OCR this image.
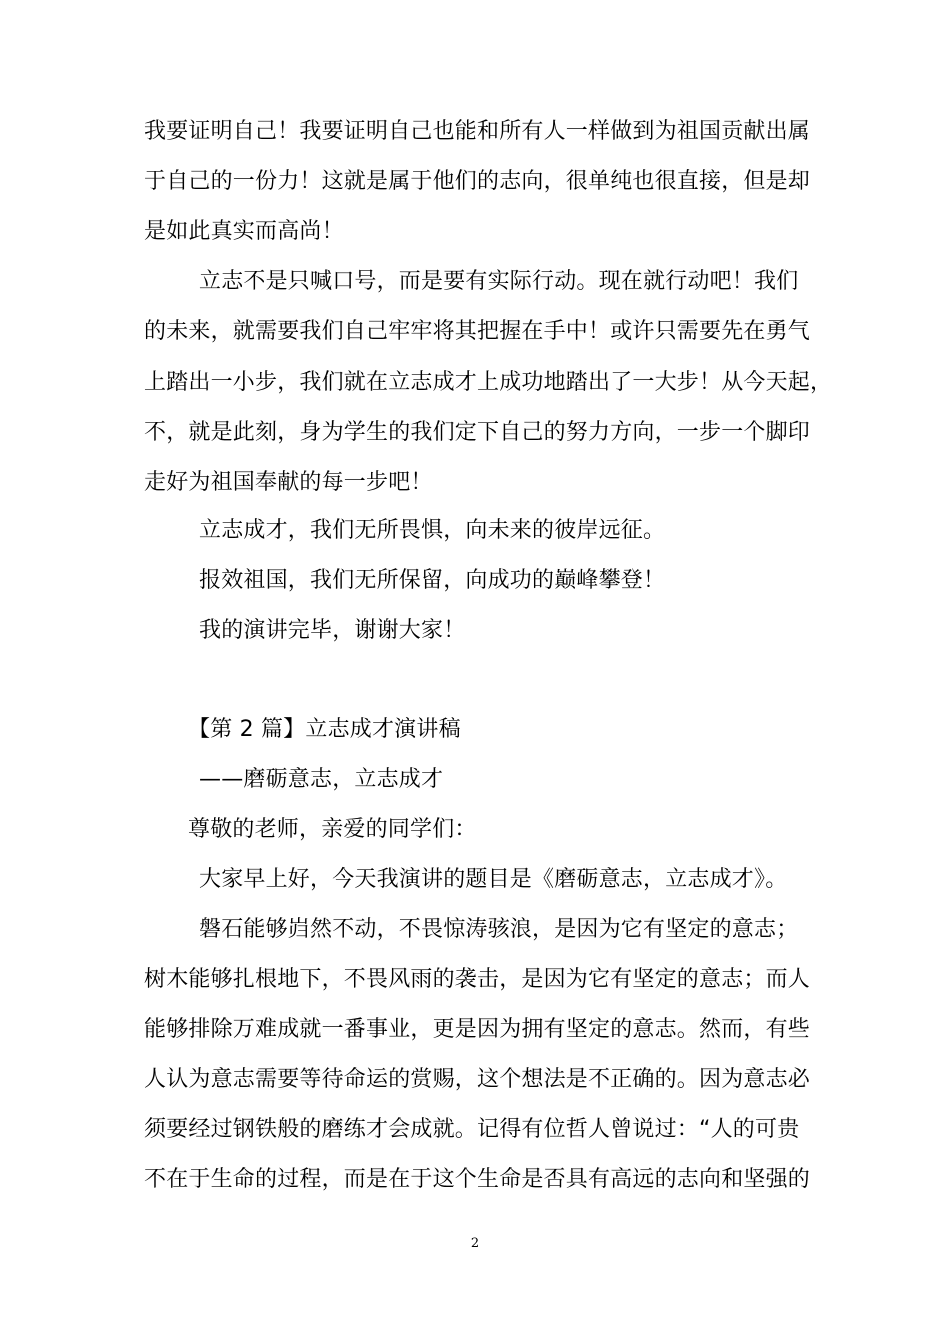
我要证明自己！我要证明自己也能和所有人一样做到为祖国贡献出属
于自己的一份力！这就是属于他们的志向，很单纯也很直接，但是却
是如此真实而高尚！
立志不是只喊口号，而是要有实际行动。现在就行动吧！我们
的未来，就需要我们自己牢牢将其把握在手中！或许只需要先在勇气
上踏出一小步，我们就在立志成才上成功地踏出了一大步！从今天起，
不，就是此刻，身为学生的我们定下自己的努力方向，一步一个脚印
走好为祖国奉献的每一步吧！
立志成才，我们无所畏惧，向未来的彼岸远征。
报效祖国，我们无所保留，向成功的巅峰攀登！
我的演讲完毕，谢谢大家！
【第 2 篇】立志成才演讲稿
——磨砺意志，立志成才
尊敬的老师，亲爱的同学们：
大家早上好，今天我演讲的题目是《磨砺意志，立志成才》。
磐石能够岿然不动，不畏惊涛骇浪，是因为它有坚定的意志；
树木能够扎根地下，不畏风雨的袭击，是因为它有坚定的意志；而人
能够排除万难成就一番事业，更是因为拥有坚定的意志。然而，有些
人认为意志需要等待命运的赏赐，这个想法是不正确的。因为意志必
须要经过钢铁般的磨练才会成就。记得有位哲人曾说过：“人的可贵
不在于生命的过程，而是在于这个生命是否具有高远的志向和坚强的
2
